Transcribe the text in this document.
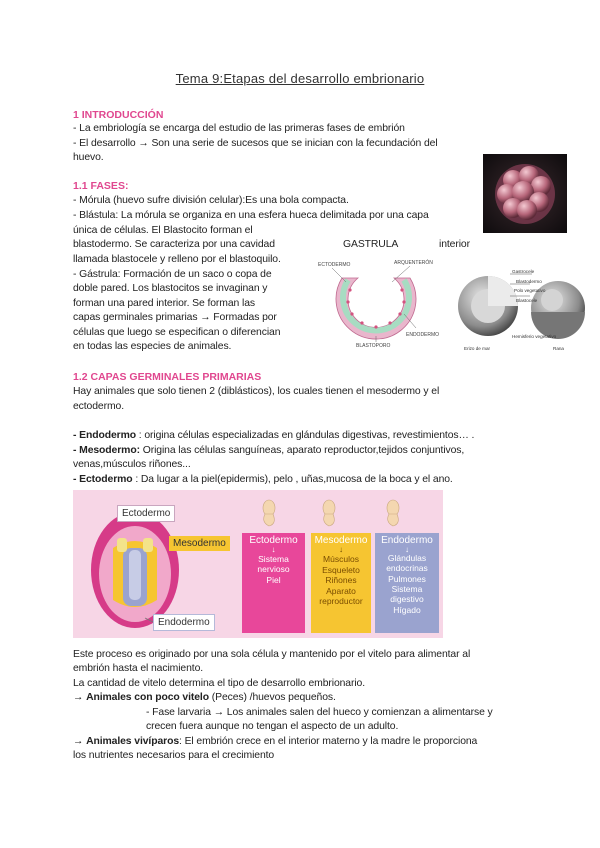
Tema 9:Etapas del desarrollo embrionario
1 INTRODUCCIÓN
- La embriología se encarga del estudio de las primeras fases de embrión
- El desarrollo → Son una serie de sucesos que se inician con la fecundación del
huevo.
1.1 FASES:
- Mórula (huevo sufre división celular):Es una bola compacta.
- Blástula: La mórula se organiza en una esfera hueca delimitada por una capa
única de células. El Blastocito forman el
blastodermo. Se caracteriza por una cavidad
llamada blastocele y relleno por el blastoquilo.
- Gástrula: Formación de un saco o copa de
doble pared. Los blastocitos se invaginan y
forman una pared interior. Se forman las
capas germinales primarias → Formadas por
células que luego se especifican o diferencian
en todas las especies de animales.
GASTRULA	interior
ECTODERMO	ARQUENTERÓN
ENDODERMO
BLASTOPORO
Gastrocele
Blastodermo
Polo vegetativo
Blastocele
Hemisferio vegetativo
Erizo de mar	Rana
1.2 CAPAS GERMINALES PRIMARIAS
Hay animales que solo tienen 2 (diblásticos), los cuales tienen el mesodermo y el
ectodermo.
- Endodermo : origina células especializadas en glándulas digestivas, revestimientos… .
- Mesodermo: Origina las células sanguíneas, aparato reproductor,tejidos conjuntivos,
venas,músculos riñones...
- Ectodermo : Da lugar a la piel(epidermis), pelo , uñas,mucosa de la boca y el ano.
Ectodermo
Mesodermo
Endodermo
Ectodermo
↓
Sistema
nervioso
Piel
Mesodermo
↓
Músculos
Esqueleto
Riñones
Aparato
reproductor
Endodermo
↓
Glándulas
endocrinas
Pulmones
Sistema
digestivo
Hígado
Este proceso es originado por una sola célula y mantenido por el vitelo para alimentar al
embrión hasta el nacimiento.
La cantidad de vitelo determina el tipo de desarrollo embrionario.
→ Animales con poco vitelo (Peces) /huevos pequeños.
- Fase larvaria → Los animales salen del hueco y comienzan a alimentarse y
crecen fuera aunque no tengan el aspecto de un adulto.
→ Animales vivíparos: El embrión crece en el interior materno y la madre le proporciona
los nutrientes necesarios para el crecimiento
